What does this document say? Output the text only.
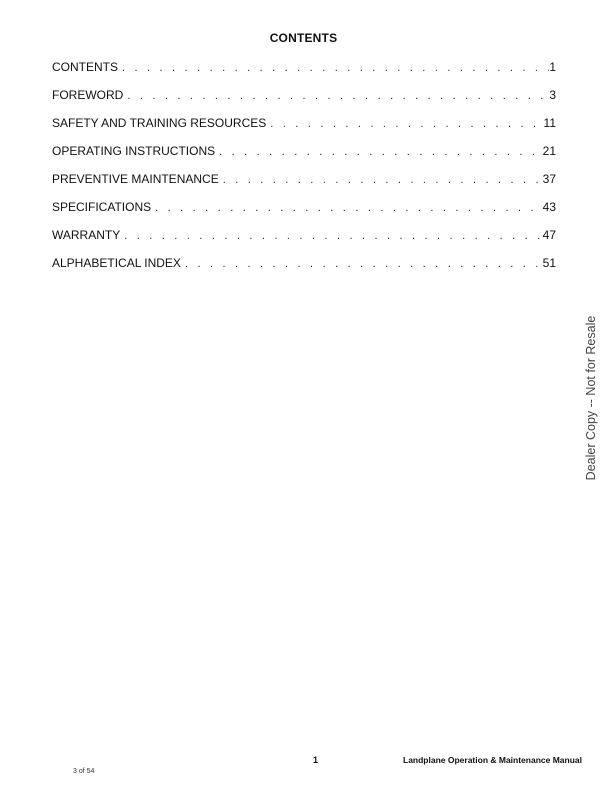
CONTENTS
CONTENTS . . .	1
FOREWORD . . .	3
SAFETY AND TRAINING RESOURCES . . .	11
OPERATING INSTRUCTIONS . . .	21
PREVENTIVE MAINTENANCE . . .	37
SPECIFICATIONS . . .	43
WARRANTY . . .	47
ALPHABETICAL INDEX . . .	51
Dealer Copy -- Not for Resale
1	Landplane Operation & Maintenance Manual
3 of 54
